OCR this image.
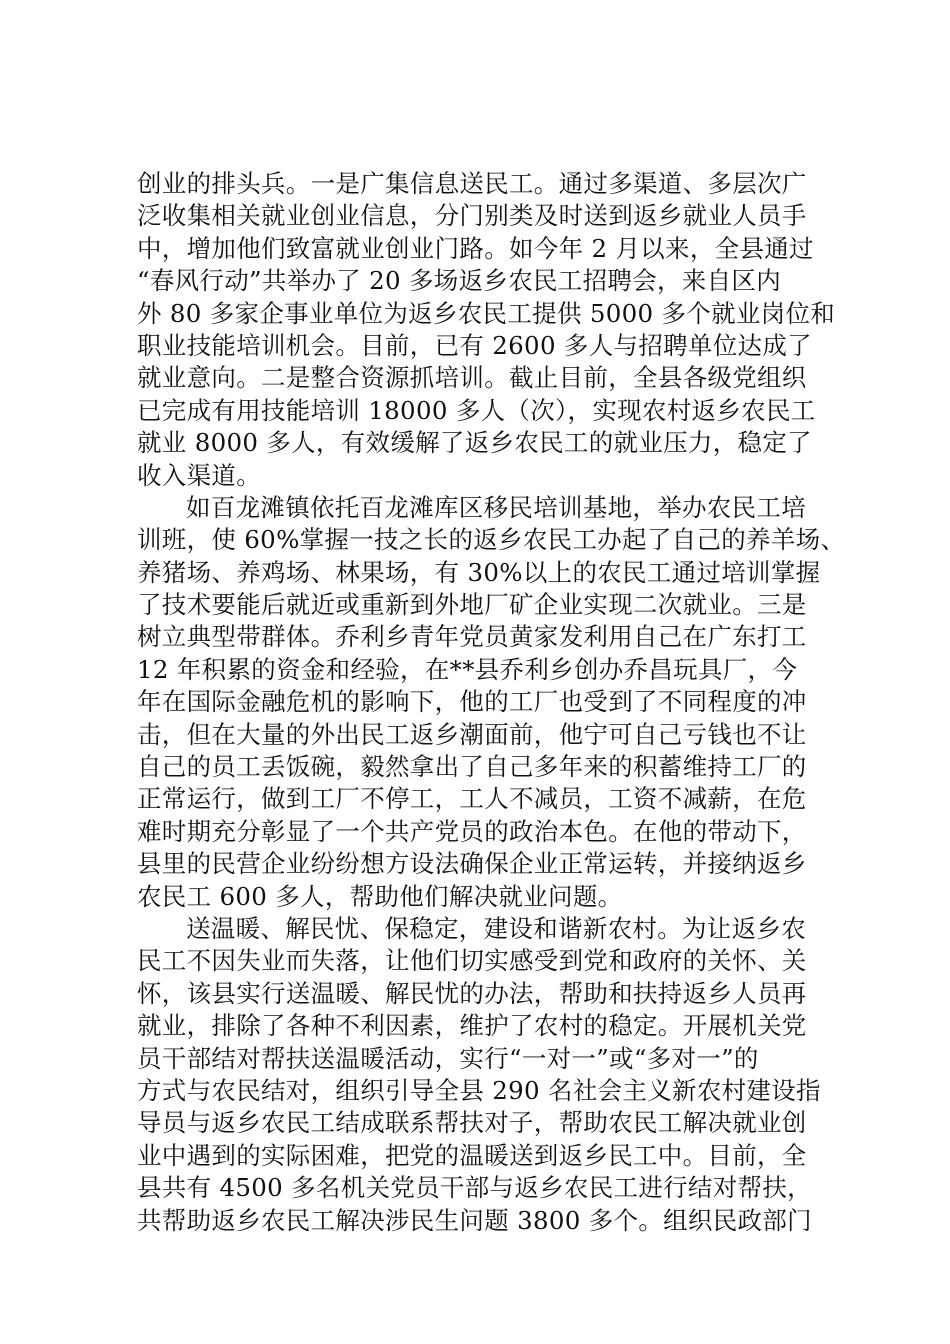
创业的排头兵。一是广集信息送民工。通过多渠道、多层次广
泛收集相关就业创业信息，分门别类及时送到返乡就业人员手
中，增加他们致富就业创业门路。如今年 2 月以来，全县通过
“春风行动”共举办了 20 多场返乡农民工招聘会，来自区内
外 80 多家企事业单位为返乡农民工提供 5000 多个就业岗位和
职业技能培训机会。目前，已有 2600 多人与招聘单位达成了
就业意向。二是整合资源抓培训。截止目前，全县各级党组织
已完成有用技能培训 18000 多人（次），实现农村返乡农民工
就业 8000 多人，有效缓解了返乡农民工的就业压力，稳定了
收入渠道。
如百龙滩镇依托百龙滩库区移民培训基地，举办农民工培
训班，使 60%掌握一技之长的返乡农民工办起了自己的养羊场、
养猪场、养鸡场、林果场，有 30%以上的农民工通过培训掌握
了技术要能后就近或重新到外地厂矿企业实现二次就业。三是
树立典型带群体。乔利乡青年党员黄家发利用自己在广东打工
12 年积累的资金和经验，在**县乔利乡创办乔昌玩具厂，今
年在国际金融危机的影响下，他的工厂也受到了不同程度的冲
击，但在大量的外出民工返乡潮面前，他宁可自己亏钱也不让
自己的员工丢饭碗，毅然拿出了自己多年来的积蓄维持工厂的
正常运行，做到工厂不停工，工人不减员，工资不减薪，在危
难时期充分彰显了一个共产党员的政治本色。在他的带动下，
县里的民营企业纷纷想方设法确保企业正常运转，并接纳返乡
农民工 600 多人，帮助他们解决就业问题。
送温暖、解民忧、保稳定，建设和谐新农村。为让返乡农
民工不因失业而失落，让他们切实感受到党和政府的关怀、关
怀，该县实行送温暖、解民忧的办法，帮助和扶持返乡人员再
就业，排除了各种不利因素，维护了农村的稳定。开展机关党
员干部结对帮扶送温暖活动，实行“一对一”或“多对一”的
方式与农民结对，组织引导全县 290 名社会主义新农村建设指
导员与返乡农民工结成联系帮扶对子，帮助农民工解决就业创
业中遇到的实际困难，把党的温暖送到返乡民工中。目前，全
县共有 4500 多名机关党员干部与返乡农民工进行结对帮扶，
共帮助返乡农民工解决涉民生问题 3800 多个。组织民政部门
